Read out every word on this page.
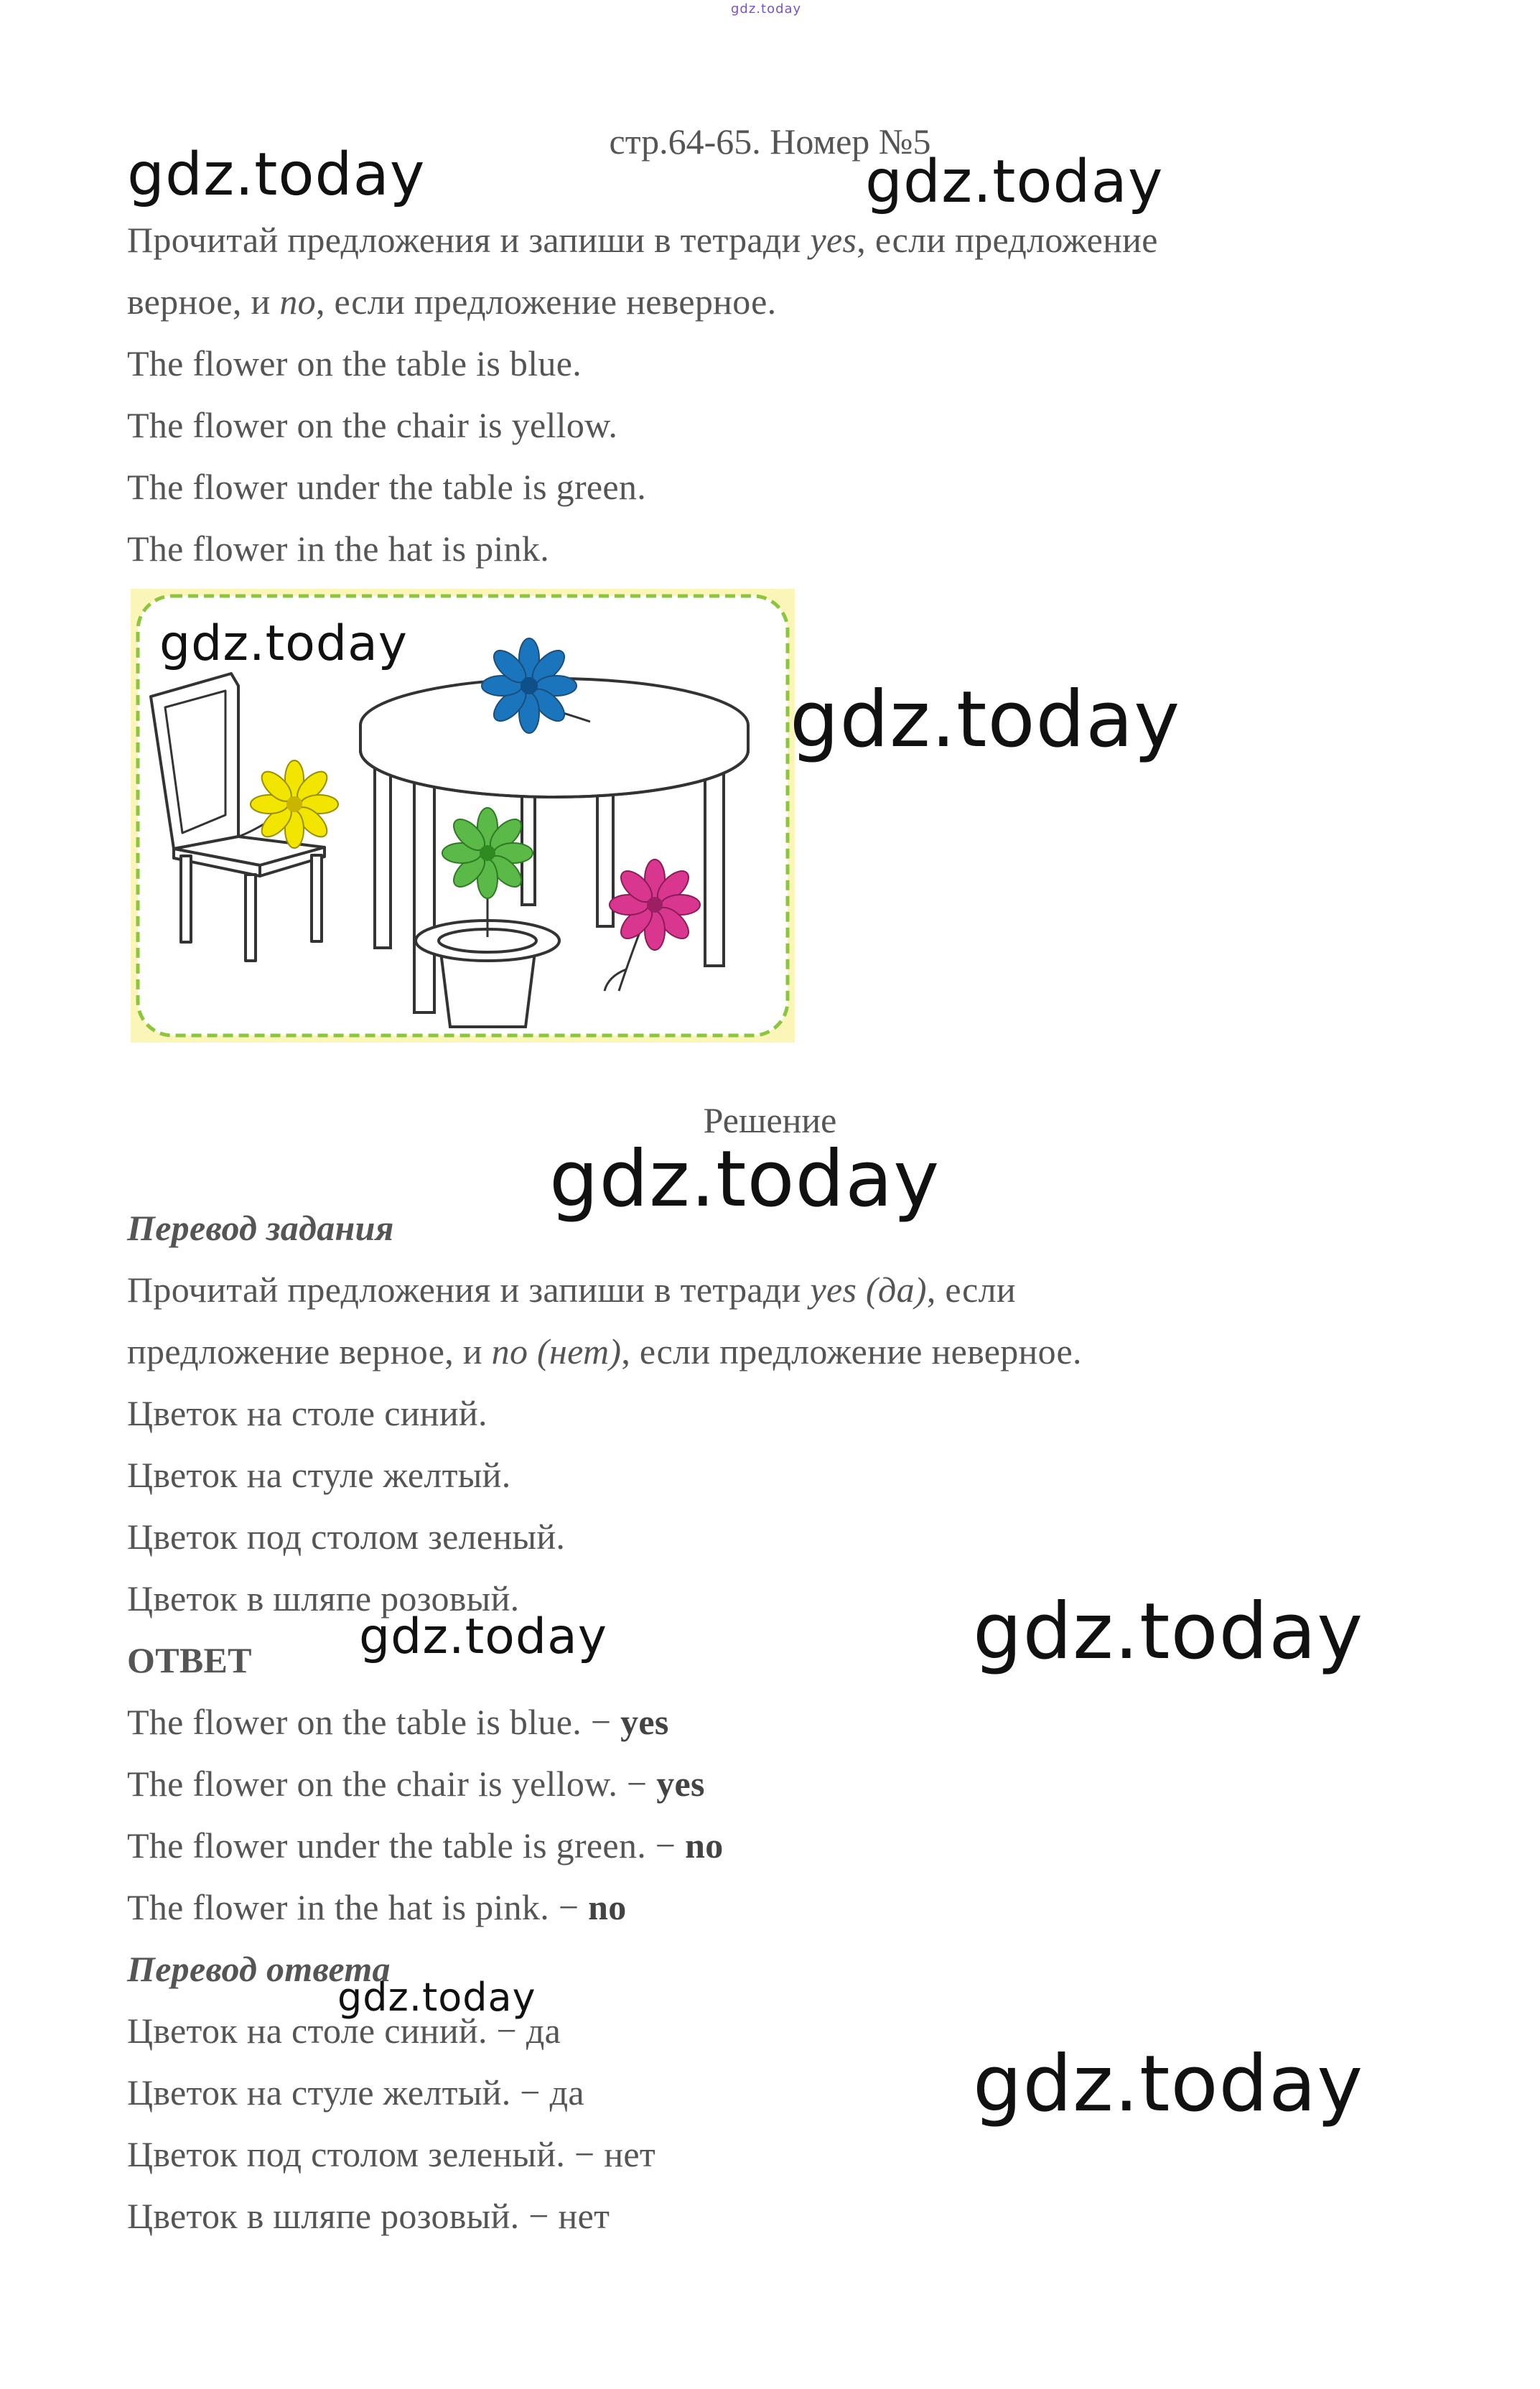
gdz.today
стр.64-65. Номер №5
gdz.today	gdz.today
Прочитай предложения и запиши в тетради yes, если предложение
верное, и no, если предложение неверное.
The flower on the table is blue.
The flower on the chair is yellow.
The flower under the table is green.
The flower in the hat is pink.
gdz.today
gdz.today
Решение
gdz.today
Перевод задания
Прочитай предложения и запиши в тетради yes (да), если
предложение верное, и no (нет), если предложение неверное.
Цветок на столе синий.
Цветок на стуле желтый.
Цветок под столом зеленый.
Цветок в шляпе розовый.	gdz.today
ОТВЕТ gdz.today
The flower on the table is blue. − yes
The flower on the chair is yellow. − yes
The flower under the table is green. − no
The flower in the hat is pink. − no
Перевод ответа
gdz.today
Цветок на столе синий. − да
Цветок на стуле желтый. − да
Цветок под столом зеленый. − нет
Цветок в шляпе розовый. − нет
gdz.today
